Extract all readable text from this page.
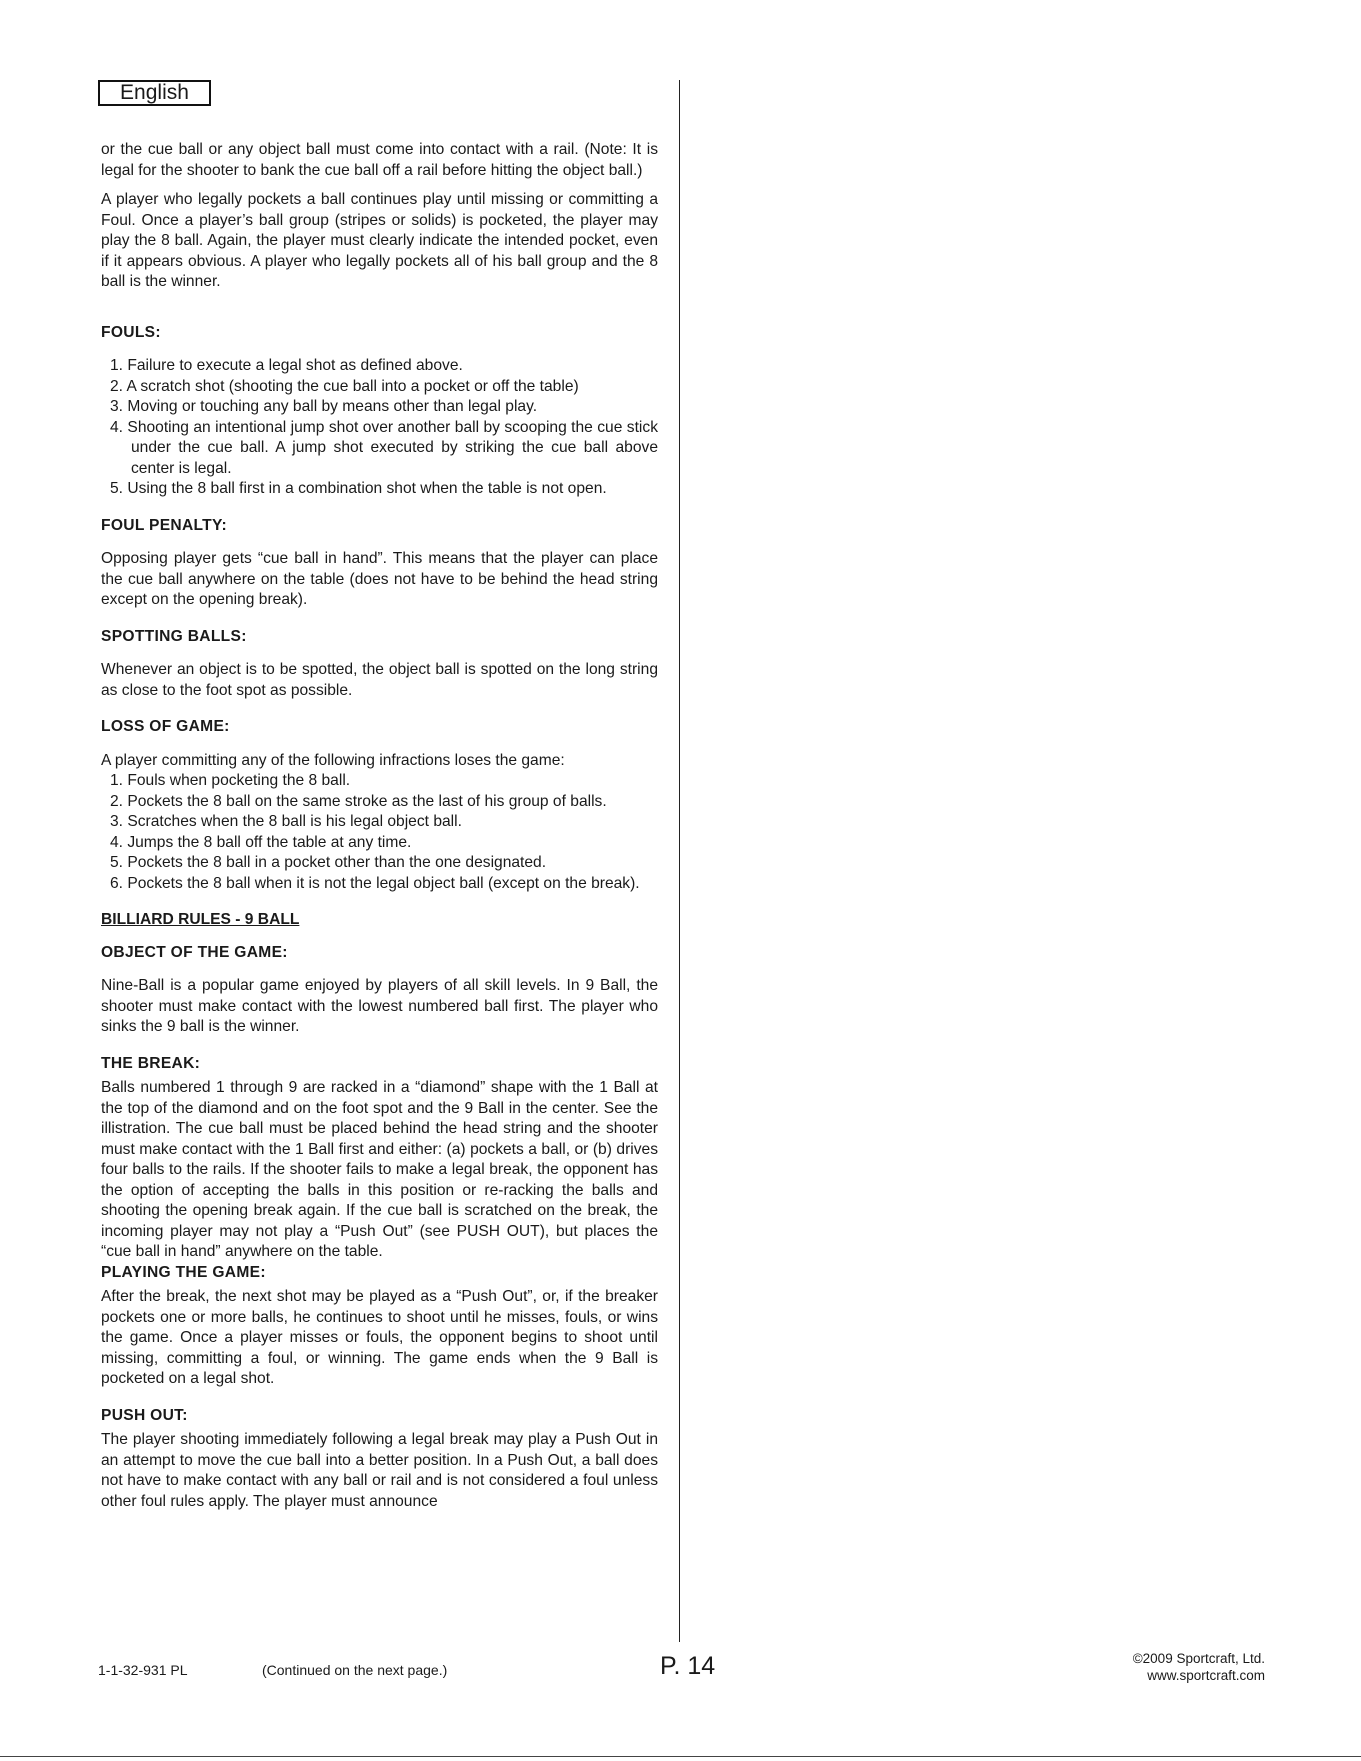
English

or the cue ball or any object ball must come into contact with a rail. (Note: It is legal for the shooter to bank the cue ball off a rail before hitting the object ball.)

A player who legally pockets a ball continues play until missing or committing a Foul. Once a player’s ball group (stripes or solids) is pocketed, the player may play the 8 ball. Again, the player must clearly indicate the intended pocket, even if it appears obvious. A player who legally pockets all of his ball group and the 8 ball is the winner.

FOULS:
1. Failure to execute a legal shot as defined above.
2. A scratch shot (shooting the cue ball into a pocket or off the table)
3. Moving or touching any ball by means other than legal play.
4. Shooting an intentional jump shot over another ball by scooping the cue stick under the cue ball. A jump shot executed by striking the cue ball above center is legal.
5. Using the 8 ball first in a combination shot when the table is not open.
FOUL PENALTY:

Opposing player gets “cue ball in hand”. This means that the player can place the cue ball anywhere on the table (does not have to be behind the head string except on the opening break).

SPOTTING BALLS:

Whenever an object is to be spotted, the object ball is spotted on the long string as close to the foot spot as possible.

LOSS OF GAME:

A player committing any of the following infractions loses the game:

1. Fouls when pocketing the 8 ball.
2. Pockets the 8 ball on the same stroke as the last of his group of balls.
3. Scratches when the 8 ball is his legal object ball.
4. Jumps the 8 ball off the table at any time.
5. Pockets the 8 ball in a pocket other than the one designated.
6. Pockets the 8 ball when it is not the legal object ball (except on the break).
BILLIARD RULES - 9 BALL
OBJECT OF THE GAME:

Nine-Ball is a popular game enjoyed by players of all skill levels. In 9 Ball, the shooter must make contact with the lowest numbered ball first. The player who sinks the 9 ball is the winner.

THE BREAK:

Balls numbered 1 through 9 are racked in a “diamond” shape with the 1 Ball at the top of the diamond and on the foot spot and the 9 Ball in the center. See the illistration. The cue ball must be placed behind the head string and the shooter must make contact with the 1 Ball first and either: (a) pockets a ball, or (b) drives four balls to the rails. If the shooter fails to make a legal break, the opponent has the option of accepting the balls in this position or re-racking the balls and shooting the opening break again. If the cue ball is scratched on the break, the incoming player may not play a “Push Out” (see PUSH OUT), but places the “cue ball in hand” anywhere on the table.

PLAYING THE GAME:

After the break, the next shot may be played as a “Push Out”, or, if the breaker pockets one or more balls, he continues to shoot until he misses, fouls, or wins the game. Once a player misses or fouls, the opponent begins to shoot until missing, committing a foul, or winning. The game ends when the 9 Ball is pocketed on a legal shot.

PUSH OUT:

The player shooting immediately following a legal break may play a Push Out in an attempt to move the cue ball into a better position. In a Push Out, a ball does not have to make contact with any ball or rail and is not considered a foul unless other foul rules apply. The player must announce

1-1-32-931 PL	(Continued on the next page.)	P. 14	©2009 Sportcraft, Ltd.
www.sportcraft.com
